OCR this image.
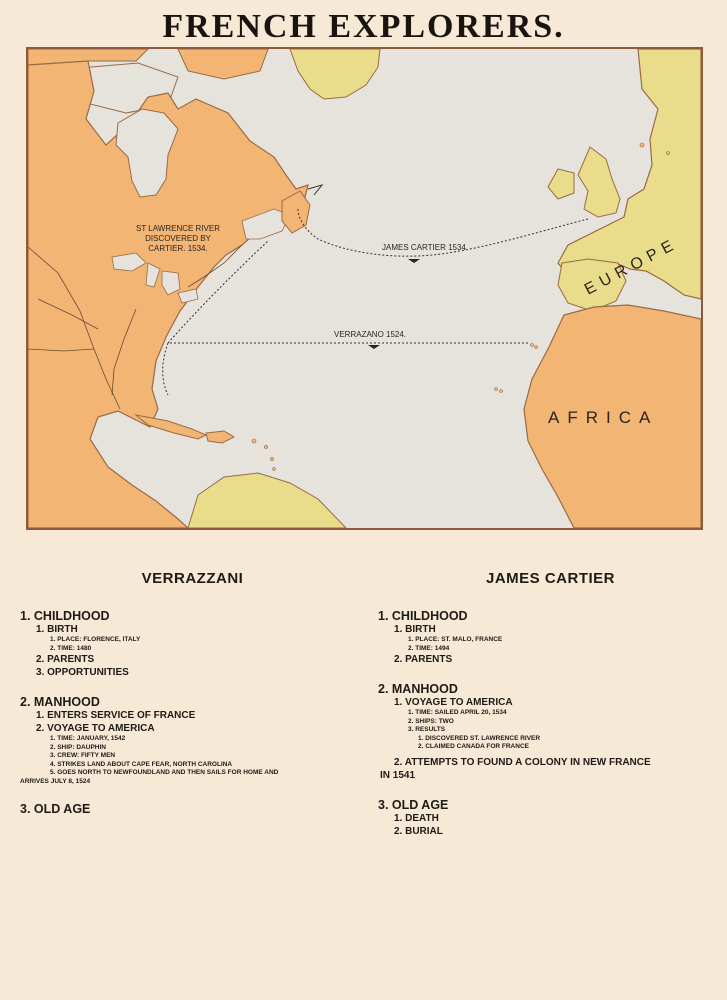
FRENCH EXPLORERS.
ST LAWRENCE RIVER
DISCOVERED BY
CARTIER. 1534.	JAMES CARTIER 1534.
VERRAZANO 1524.
EUROPE
AFRICA
VERRAZZANI
1. CHILDHOOD
1. BIRTH
1. PLACE: FLORENCE, ITALY
2. TIME: 1480
2. PARENTS
3. OPPORTUNITIES
2. MANHOOD
1. ENTERS SERVICE OF FRANCE
2. VOYAGE TO AMERICA
1. TIME: JANUARY, 1542
2. SHIP: DAUPHIN
3. CREW: FIFTY MEN
4. STRIKES LAND ABOUT CAPE FEAR, NORTH CAROLINA
5. GOES NORTH TO NEWFOUNDLAND AND THEN SAILS FOR HOME AND
ARRIVES JULY 8, 1524
3. OLD AGE
JAMES CARTIER
1. CHILDHOOD
1. BIRTH
1. PLACE: ST. MALO, FRANCE
2. TIME: 1494
2. PARENTS
2. MANHOOD
1. VOYAGE TO AMERICA
1. TIME: SAILED APRIL 20, 1534
2. SHIPS: TWO
3. RESULTS
1. DISCOVERED ST. LAWRENCE RIVER
2. CLAIMED CANADA FOR FRANCE
2. ATTEMPTS TO FOUND A COLONY IN NEW FRANCE
IN 1541
3. OLD AGE
1. DEATH
2. BURIAL
